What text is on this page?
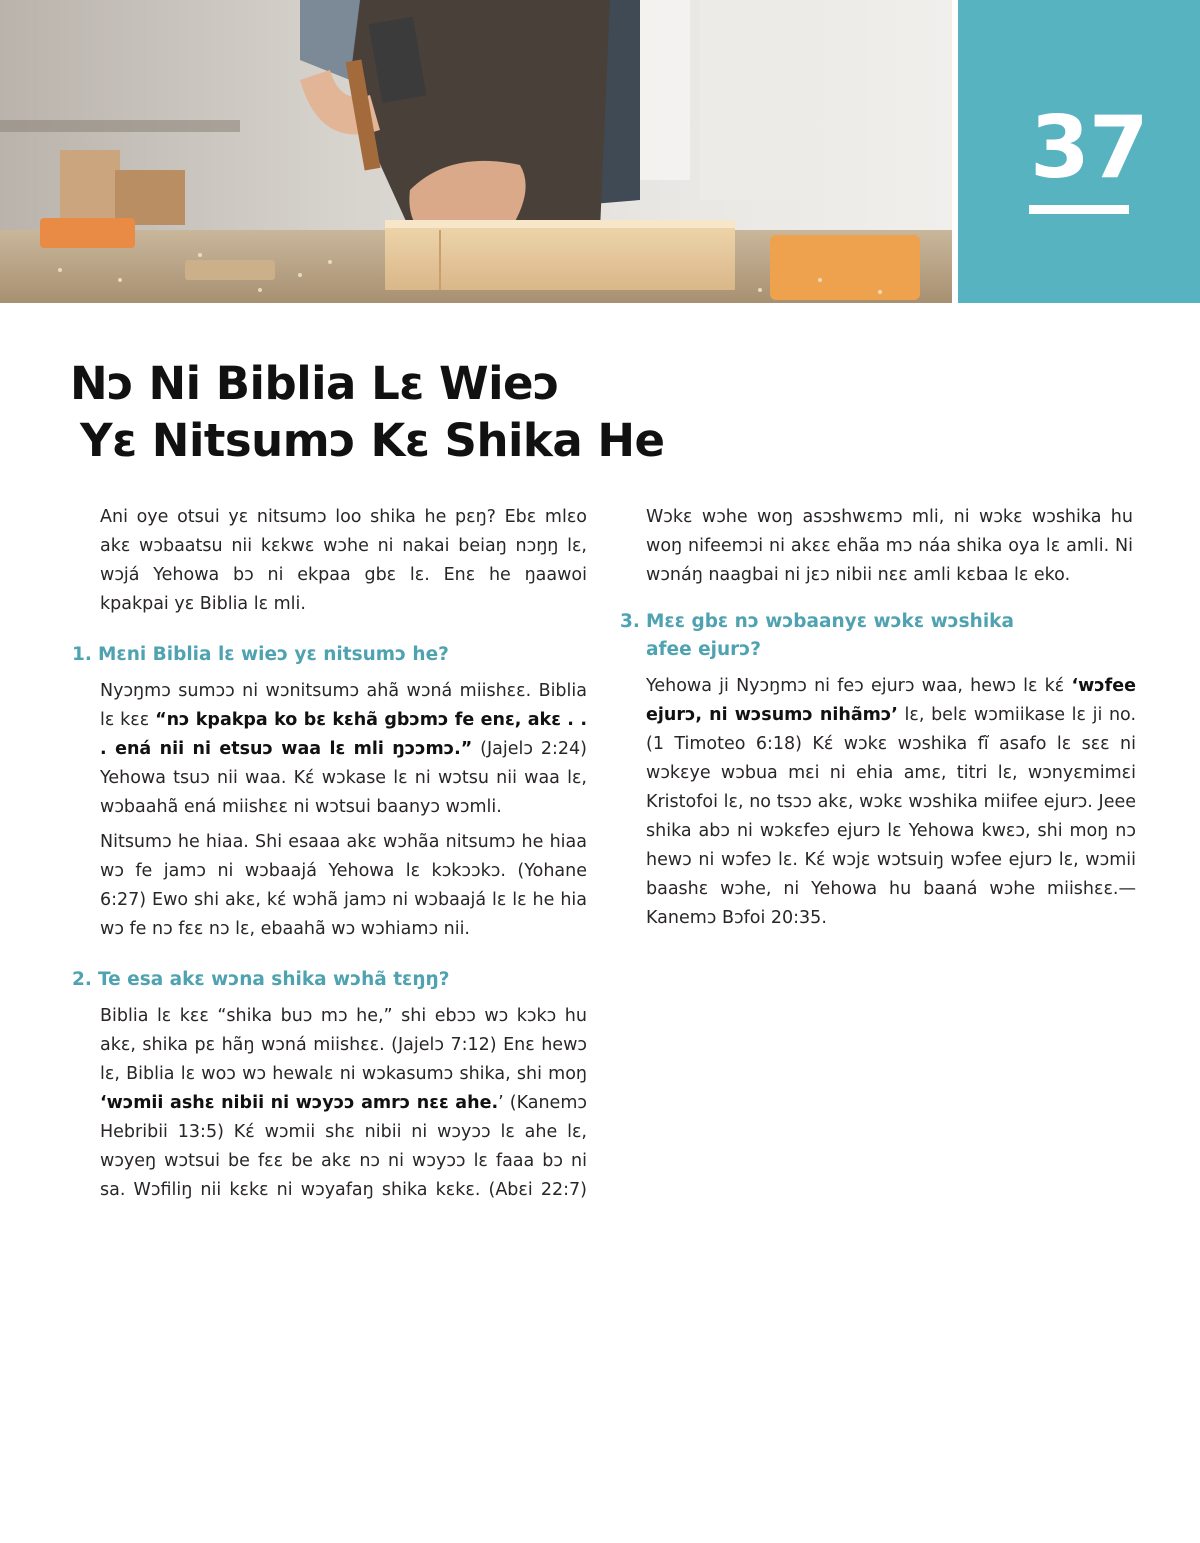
37
Nɔ Ni Biblia Lɛ Wieɔ
Yɛ Nitsumɔ Kɛ Shika He

Ani oye otsui yɛ nitsumɔ loo shika he pɛŋ? Ebɛ mlɛo akɛ wɔbaatsu nii kɛkwɛ wɔhe ni nakai beiaŋ nɔŋŋ lɛ, wɔjá Yehowa bɔ ni ekpaa gbɛ lɛ. Enɛ he ŋaawoi kpakpai yɛ Biblia lɛ mli.

1. Mɛni Biblia lɛ wieɔ yɛ nitsumɔ he?

Nyɔŋmɔ sumɔɔ ni wɔnitsumɔ ahã wɔná miishɛɛ. Biblia lɛ kɛɛ “nɔ kpakpa ko bɛ kɛhã gbɔmɔ fe enɛ, akɛ . . . ená nii ni etsuɔ waa lɛ mli ŋɔɔmɔ.” (Jajelɔ 2:24) Yehowa tsuɔ nii waa. Kɛ́ wɔkase lɛ ni wɔtsu nii waa lɛ, wɔbaahã ená miishɛɛ ni wɔtsui baanyɔ wɔmli.

Nitsumɔ he hiaa. Shi esaaa akɛ wɔhãa nitsumɔ he hiaa wɔ fe jamɔ ni wɔbaajá Yehowa lɛ kɔkɔɔkɔ. (Yohane 6:27) Ewo shi akɛ, kɛ́ wɔhã jamɔ ni wɔbaajá lɛ lɛ he hia wɔ fe nɔ fɛɛ nɔ lɛ, ebaahã wɔ wɔhiamɔ nii.

2. Te esa akɛ wɔna shika wɔhã tɛŋŋ?

Biblia lɛ kɛɛ “shika buɔ mɔ he,” shi ebɔɔ wɔ kɔkɔ hu akɛ, shika pɛ hãŋ wɔná miishɛɛ. (Jajelɔ 7:12) Enɛ hewɔ lɛ, Biblia lɛ woɔ wɔ hewalɛ ni wɔkasumɔ shika, shi moŋ ‘wɔmii ashɛ nibii ni wɔyɔɔ amrɔ nɛɛ ahe.’ (Kanemɔ Hebribii 13:5) Kɛ́ wɔmii shɛ nibii ni wɔyɔɔ lɛ ahe lɛ, wɔyeŋ wɔtsui be fɛɛ be akɛ nɔ ni wɔyɔɔ lɛ faaa bɔ ni sa. Wɔfiliŋ nii kɛkɛ ni wɔyafaŋ shika kɛkɛ. (Abɛi 22:7)

Wɔkɛ wɔhe woŋ asɔshwɛmɔ mli, ni wɔkɛ wɔshika hu woŋ nifeemɔi ni akɛɛ ehãa mɔ náa shika oya lɛ amli. Ni wɔnáŋ naagbai ni jɛɔ nibii nɛɛ amli kɛbaa lɛ eko.

3. Mɛɛ gbɛ nɔ wɔbaanyɛ wɔkɛ wɔshika
afee ejurɔ?

Yehowa ji Nyɔŋmɔ ni feɔ ejurɔ waa, hewɔ lɛ kɛ́ ‘wɔfee ejurɔ, ni wɔsumɔ nihãmɔ’ lɛ, belɛ wɔmiikase lɛ ji no. (1 Timoteo 6:18) Kɛ́ wɔkɛ wɔshika fĩ asafo lɛ sɛɛ ni wɔkɛye wɔbua mɛi ni ehia amɛ, titri lɛ, wɔnyɛmimɛi Kristofoi lɛ, no tsɔɔ akɛ, wɔkɛ wɔshika miifee ejurɔ. Jeee shika abɔ ni wɔkɛfeɔ ejurɔ lɛ Yehowa kwɛɔ, shi moŋ nɔ hewɔ ni wɔfeɔ lɛ. Kɛ́ wɔjɛ wɔtsuiŋ wɔfee ejurɔ lɛ, wɔmii baashɛ wɔhe, ni Yehowa hu baaná wɔhe miishɛɛ.—Kanemɔ Bɔfoi 20:35.
